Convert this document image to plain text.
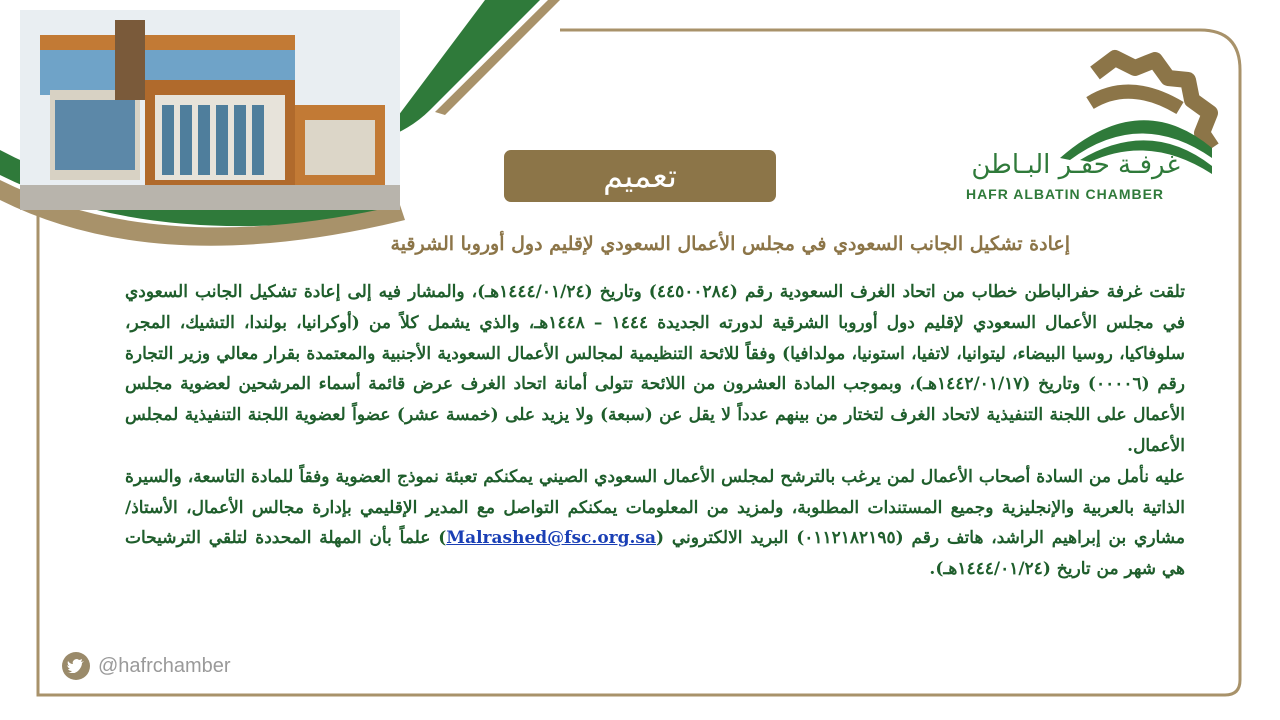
غرفـة حفـر البـاطن
HAFR ALBATIN CHAMBER
تعميم
إعادة تشكيل الجانب السعودي في مجلس الأعمال السعودي لإقليم دول أوروبا الشرقية

تلقت غرفة حفرالباطن خطاب من اتحاد الغرف السعودية رقم (٤٤٥٠٠٢٨٤) وتاريخ (١٤٤٤/٠١/٢٤هـ)، والمشار فيه إلى إعادة تشكيل الجانب السعودي في مجلس الأعمال السعودي لإقليم دول أوروبا الشرقية لدورته الجديدة ١٤٤٤ – ١٤٤٨هـ، والذي يشمل كلاً من (أوكرانيا، بولندا، التشيك، المجر، سلوفاكيا، روسيا البيضاء، ليتوانيا، لاتفيا، استونيا، مولدافيا) وفقاً للائحة التنظيمية لمجالس الأعمال السعودية الأجنبية والمعتمدة بقرار معالي وزير التجارة رقم (٠٠٠٠٦) وتاريخ (١٤٤٢/٠١/١٧هـ)، وبموجب المادة العشرون من اللائحة تتولى أمانة اتحاد الغرف عرض قائمة أسماء المرشحين لعضوية مجلس الأعمال على اللجنة التنفيذية لاتحاد الغرف لتختار من بينهم عدداً لا يقل عن (سبعة) ولا يزيد على (خمسة عشر) عضواً لعضوية اللجنة التنفيذية لمجلس الأعمال.

عليه نأمل من السادة أصحاب الأعمال لمن يرغب بالترشح لمجلس الأعمال السعودي الصيني يمكنكم تعبئة نموذج العضوية وفقاً للمادة التاسعة، والسيرة الذاتية بالعربية والإنجليزية وجميع المستندات المطلوبة، ولمزيد من المعلومات يمكنكم التواصل مع المدير الإقليمي بإدارة مجالس الأعمال، الأستاذ/ مشاري بن إبراهيم الراشد، هاتف رقم (٠١١٢١٨٢١٩٥) البريد الالكتروني (Malrashed@fsc.org.sa) علماً بأن المهلة المحددة لتلقي الترشيحات هي شهر من تاريخ (١٤٤٤/٠١/٢٤هـ).

@hafrchamber
